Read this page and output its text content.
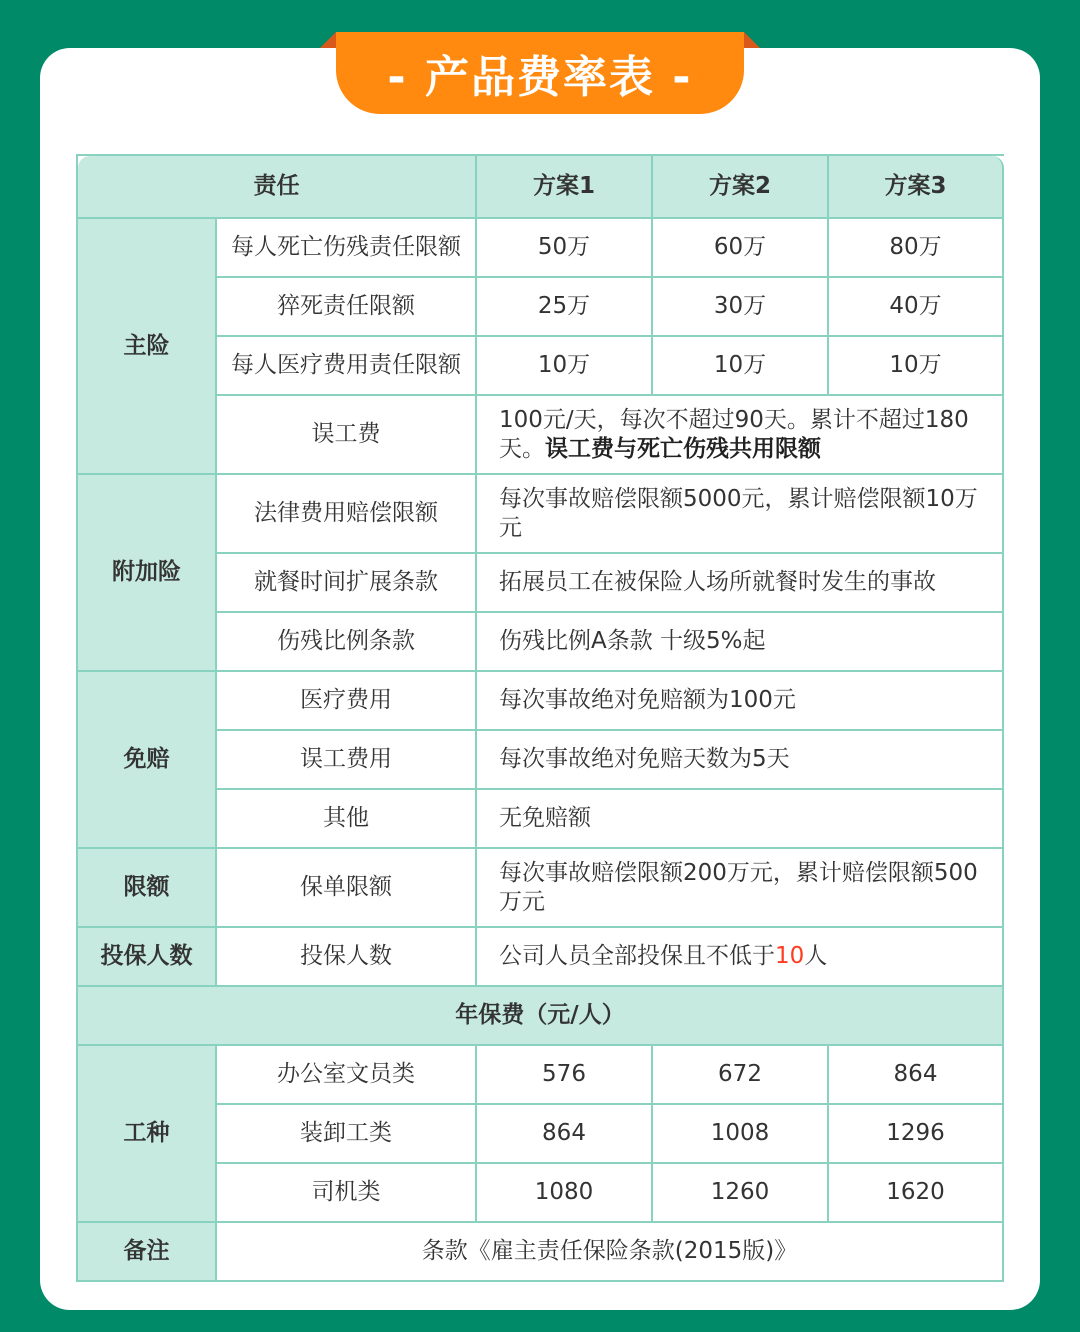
- 产品费率表 -
责任		方案1	方案2	方案3
主险	每人死亡伤残责任限额	50万	60万	80万
	猝死责任限额	25万	30万	40万
	每人医疗费用责任限额	10万	10万	10万
	误工费	100元/天，每次不超过90天。累计不超过180天。误工费与死亡伤残共用限额		
附加险	法律费用赔偿限额	每次事故赔偿限额5000元，累计赔偿限额10万元		
	就餐时间扩展条款	拓展员工在被保险人场所就餐时发生的事故		
	伤残比例条款	伤残比例A条款 十级5%起		
免赔	医疗费用	每次事故绝对免赔额为100元		
	误工费用	每次事故绝对免赔天数为5天		
	其他	无免赔额		
限额	保单限额	每次事故赔偿限额200万元，累计赔偿限额500万元		
投保人数	投保人数	公司人员全部投保且不低于10人		
年保费（元/人）				
工种	办公室文员类	576	672	864
	装卸工类	864	1008	1296
	司机类	1080	1260	1620
备注	条款《雇主责任保险条款(2015版)》			
